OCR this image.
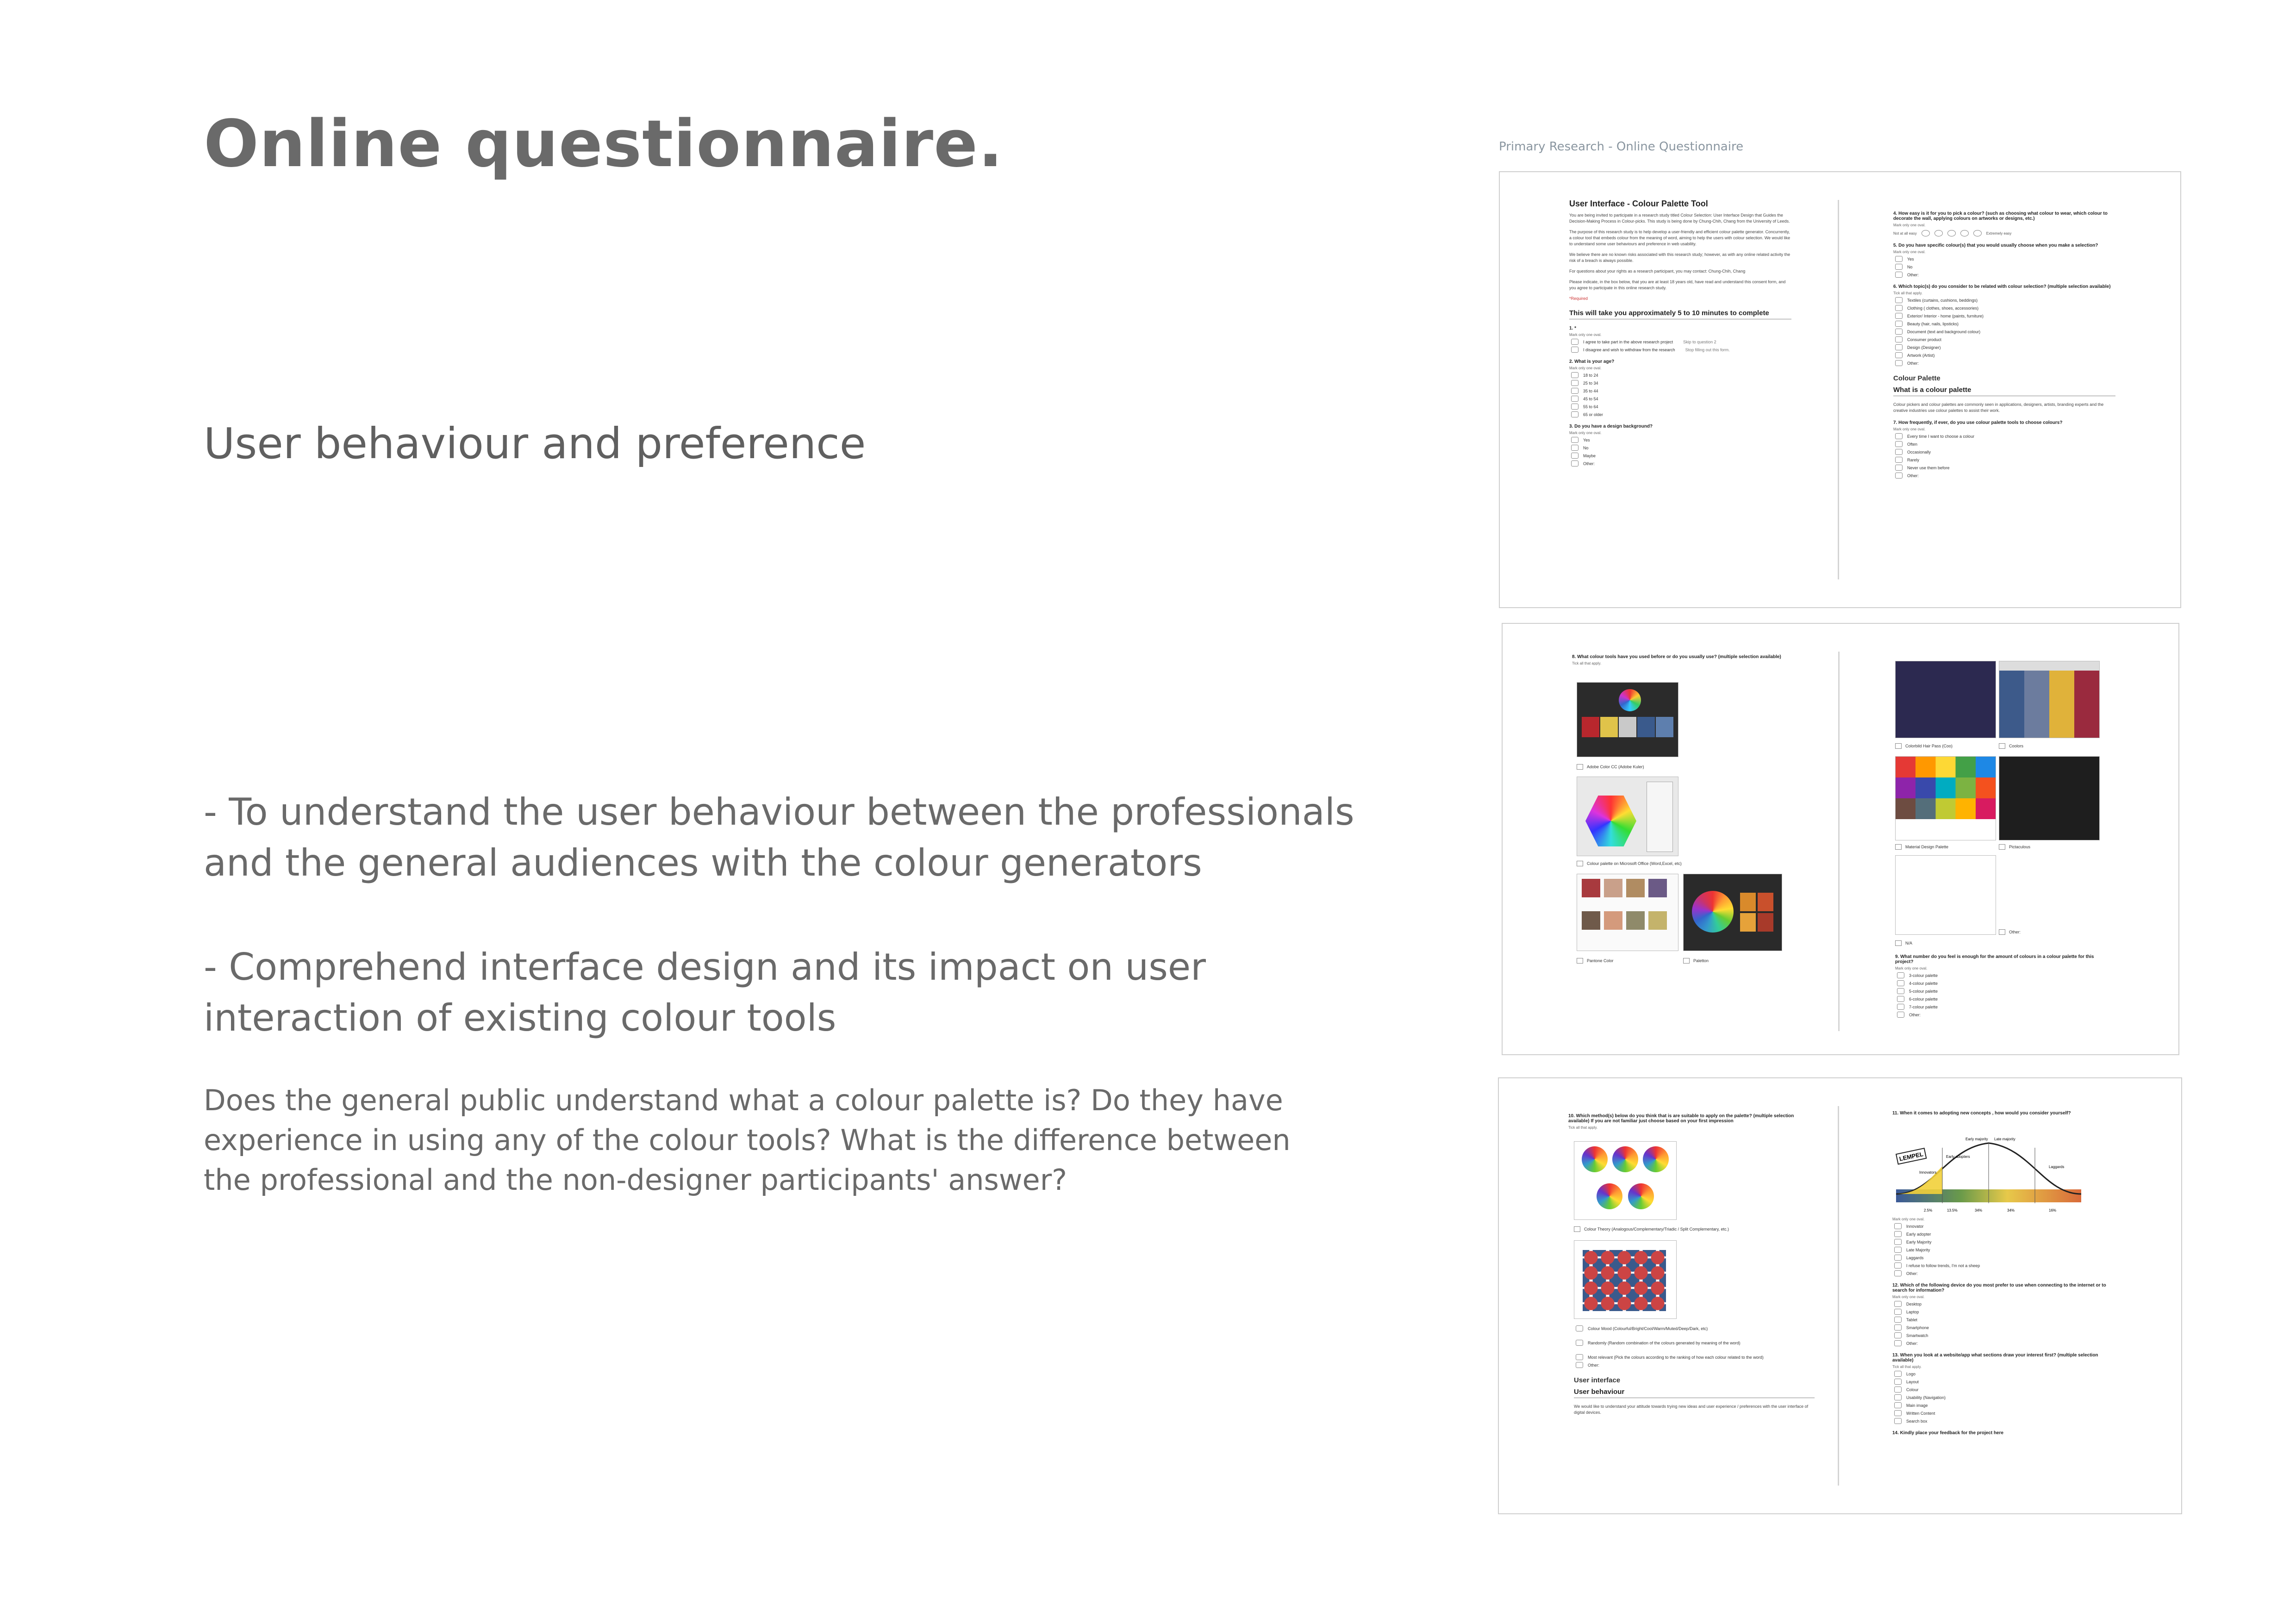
Online questionnaire.
User behaviour and preference
- To understand the user behaviour between the professionals
and the general audiences with the colour generators
- Comprehend interface design and its impact on user
interaction of existing colour tools
Does the general public understand what a colour palette is? Do they have experience in using any of the colour tools? What is the difference between the professional and the non-designer participants' answer?
Primary Research - Online Questionnaire
User Interface - Colour Palette Tool
You are being invited to participate in a research study titled Colour Selection: User Interface Design that Guides the Decision-Making Process in Colour-picks. This study is being done by Chung-Chih, Chang from the University of Leeds.
The purpose of this research study is to help develop a user-friendly and efficient colour palette generator. Concurrently, a colour tool that embeds colour from the meaning of word, aiming to help the users with colour selection. We would like to understand some user behaviours and preference in web usability.
We believe there are no known risks associated with this research study; however, as with any online related activity the risk of a breach is always possible.
For questions about your rights as a research participant, you may contact: Chung-Chih, Chang
Please indicate, in the box below, that you are at least 18 years old, have read and understand this consent form, and you agree to participate in this online research study.
*Required
This will take you approximately 5 to 10 minutes to complete
1. *
Mark only one oval.
I agree to take part in the above research project Skip to question 2
I disagree and wish to withdraw from the research Stop filling out this form.
2. What is your age?
Mark only one oval.
18 to 24
25 to 34
35 to 44
45 to 54
55 to 64
65 or older
3. Do you have a design background?
Mark only one oval.
Yes
No
Maybe
Other:
4. How easy is it for you to pick a colour? (such as choosing what colour to wear, which colour to decorate the wall, applying colours on artworks or designs, etc.)
Mark only one oval.
Not at all easy	Extremely easy
5. Do you have specific colour(s) that you would usually choose when you make a selection?
Mark only one oval.
Yes
No
Other:
6. Which topic(s) do you consider to be related with colour selection? (multiple selection available)
Tick all that apply.
Textiles (curtains, cushions, beddings)
Clothing ( clothes, shoes, accessories)
Exterior/ Interior - home (paints, furniture)
Beauty (hair, nails, lipsticks)
Document (text and background colour)
Consumer product
Design (Designer)
Artwork (Artist)
Other:
Colour Palette
What is a colour palette
Colour pickers and colour palettes are commonly seen in applications, designers, artists, branding experts and the creative industries use colour palettes to assist their work.
7. How frequently, if ever, do you use colour palette tools to choose colours?
Mark only one oval.
Every time I want to choose a colour
Often
Occasionally
Rarely
Never use them before
Other:
8. What colour tools have you used before or do you usually use? (multiple selection available)
Tick all that apply.
Adobe Color CC (Adobe Kuler)
Colour palette on Microsoft Office (Word,Excel, etc)
Pantone Color	Paletton
Colorbild Hair Pass (Coo)	Coolors
Material Design Palette	Pictaculous
N/A
Other:
9. What number do you feel is enough for the amount of colours in a colour palette for this project?
Mark only one oval.
3-colour palette
4-colour palette
5-colour palette
6-colour palette
7-colour palette
Other:
10. Which method(s) below do you think that is are suitable to apply on the palette? (multiple selection available) If you are not familiar just choose based on your first impression
Tick all that apply.
Colour Theory (Analogous/Complementary/Triadic / Split Complementary, etc.)
Colour Mood (Colourful/Bright/Cool/Warm/Muted/Deep/Dark, etc)
Randomly (Random combination of the colours generated by meaning of the word)
Most relevant (Pick the colours according to the ranking of how each colour related to the word)
Other:
User interface
User behaviour
We would like to understand your attitude towards trying new ideas and user experience / preferences with the user interface of digital devices.
11. When it comes to adopting new concepts , how would you consider yourself?
LEMPEL
Innovators
Early adopters
Early majority Late majority
Laggards
2.5%	13.5%	34%	34%	16%
Mark only one oval.
Innovator
Early adopter
Early Majority
Late Majority
Laggards
I refuse to follow trends, I'm not a sheep
Other:
12. Which of the following device do you most prefer to use when connecting to the internet or to search for information?
Mark only one oval.
Desktop
Laptop
Tablet
Smartphone
Smartwatch
Other:
13. When you look at a website/app what sections draw your interest first? (multiple selection available)
Tick all that apply.
Logo
Layout
Colour
Usability (Navigation)
Main image
Written Content
Search box
14. Kindly place your feedback for the project here
